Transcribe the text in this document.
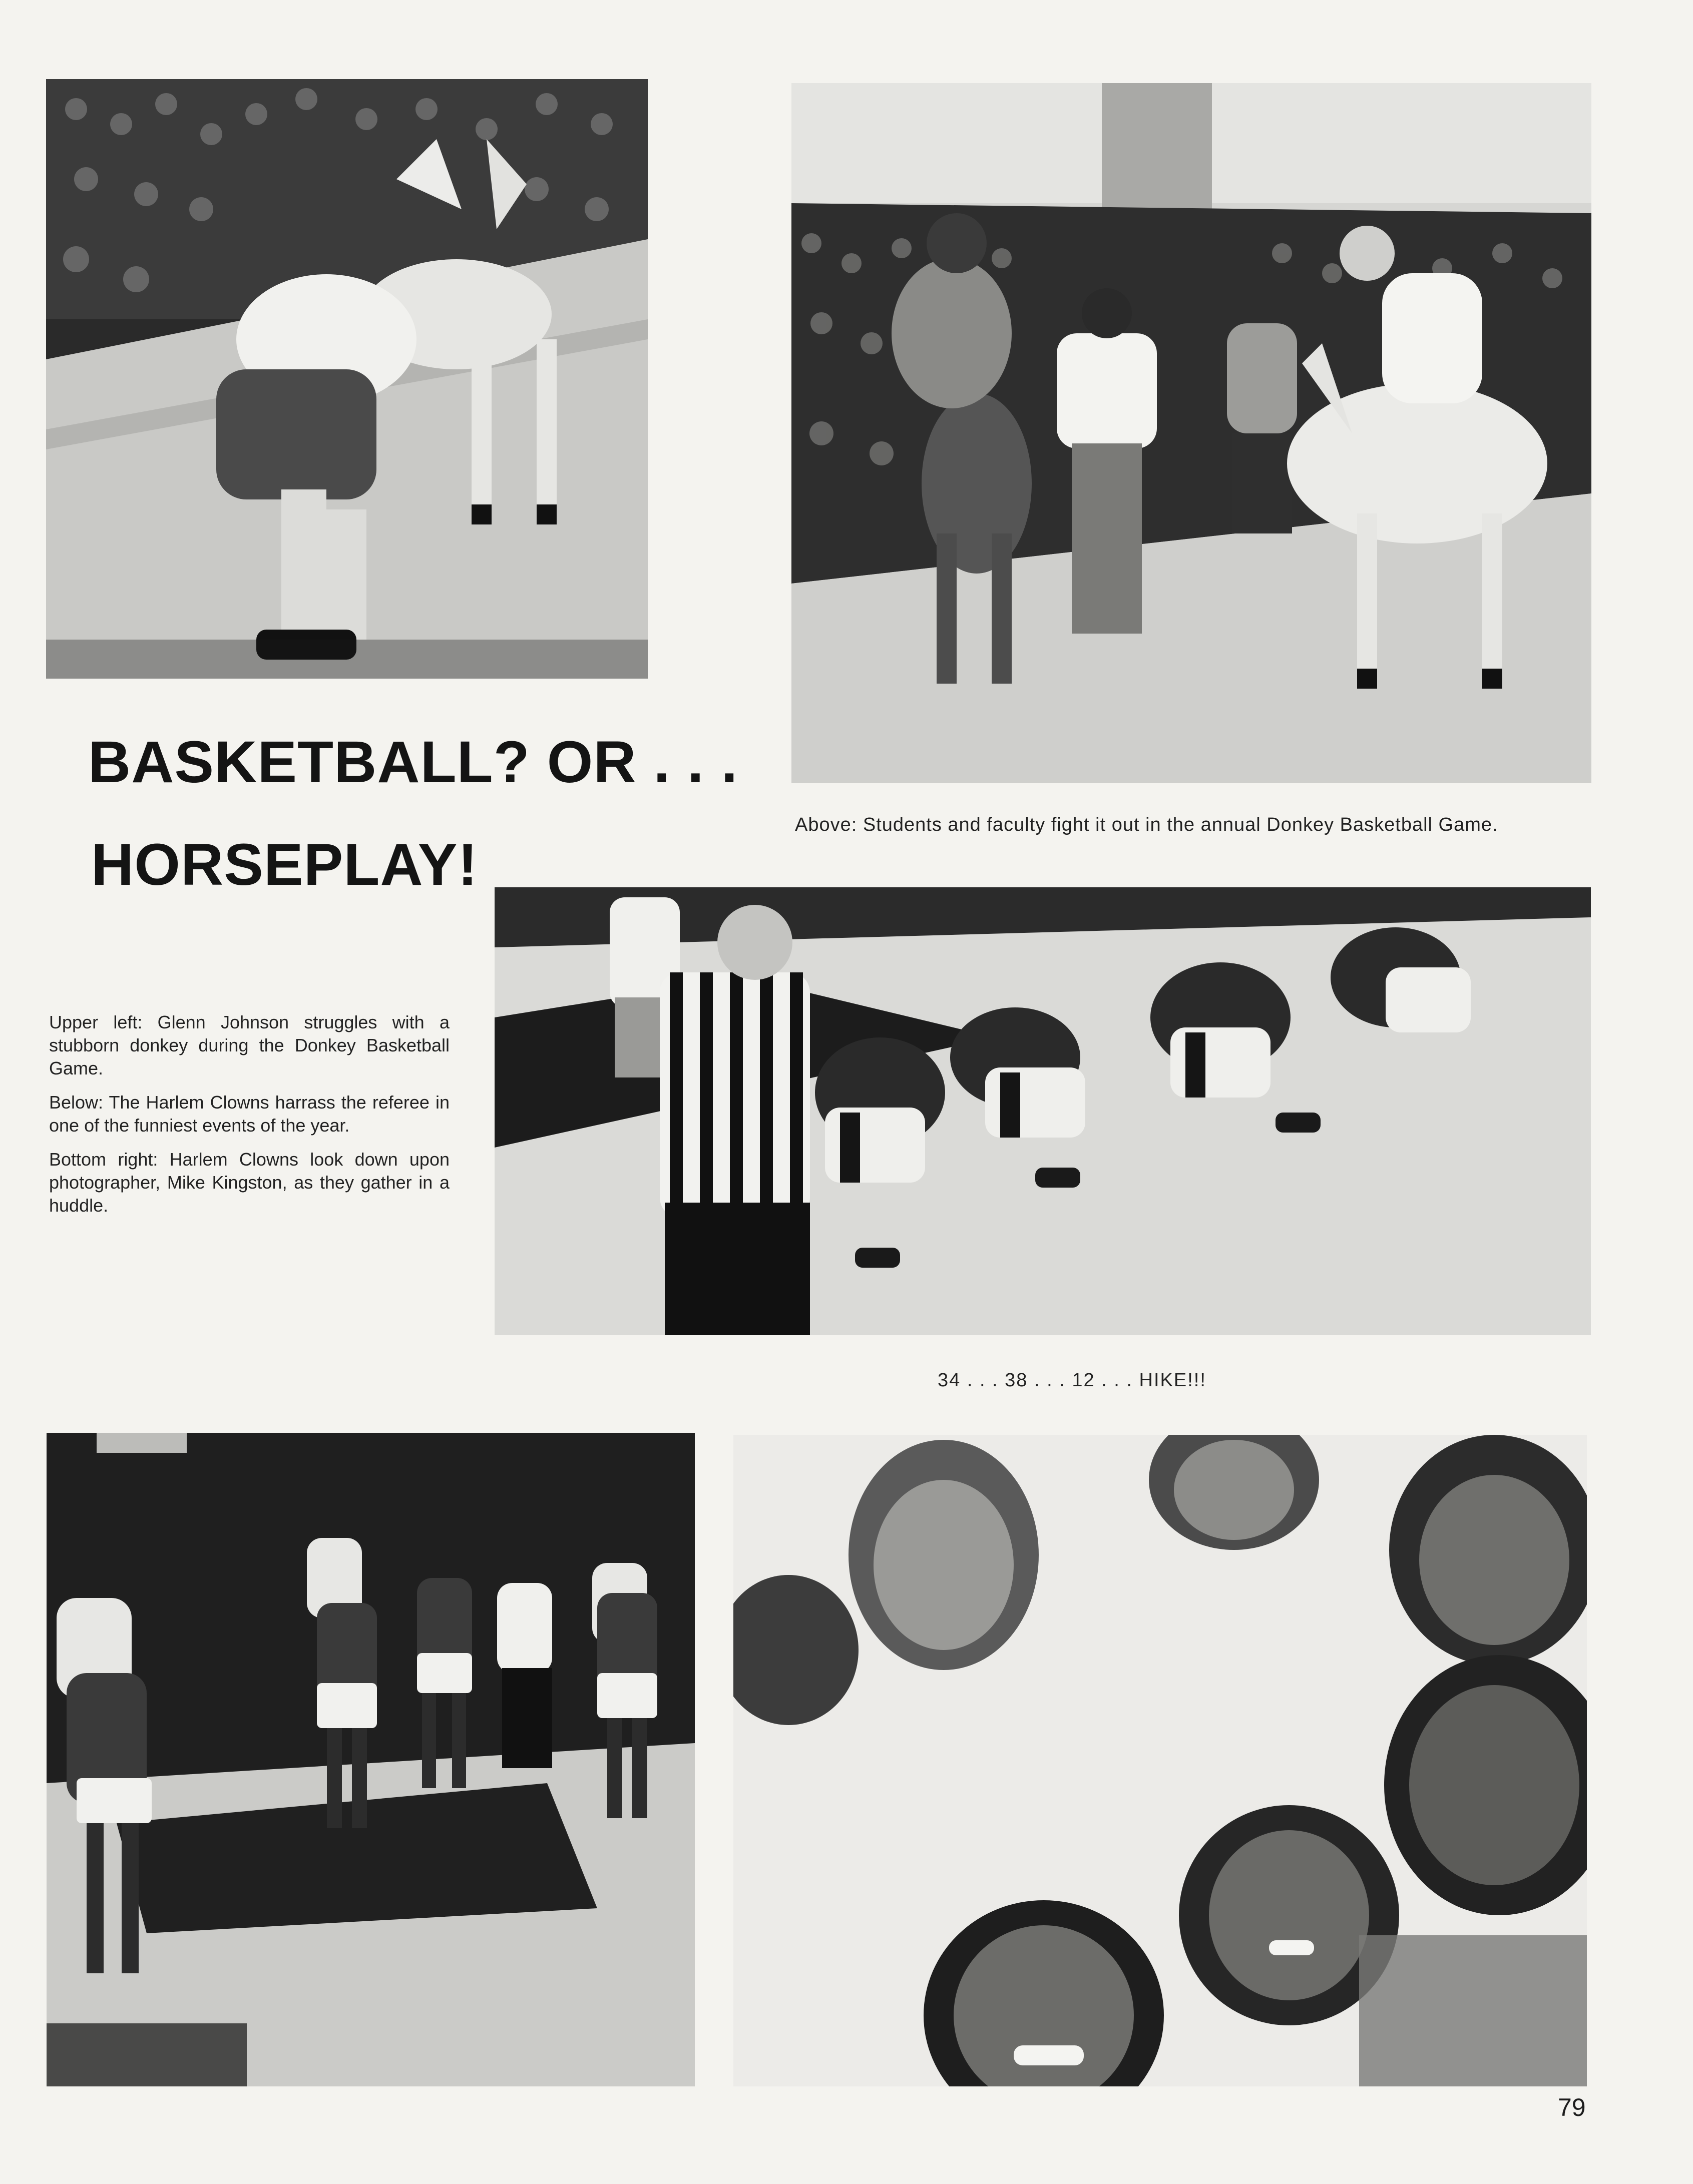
BASKETBALL? OR . . .
HORSEPLAY!

Above: Students and faculty fight it out in the annual Donkey Basketball Game.

Upper left: Glenn Johnson struggles with a stubborn donkey during the Donkey Basketball Game.

Below: The Harlem Clowns harrass the referee in one of the funniest events of the year.

Bottom right: Harlem Clowns look down upon photographer, Mike Kingston, as they gather in a huddle.

34 . . . 38 . . . 12 . . . HIKE!!!

79
